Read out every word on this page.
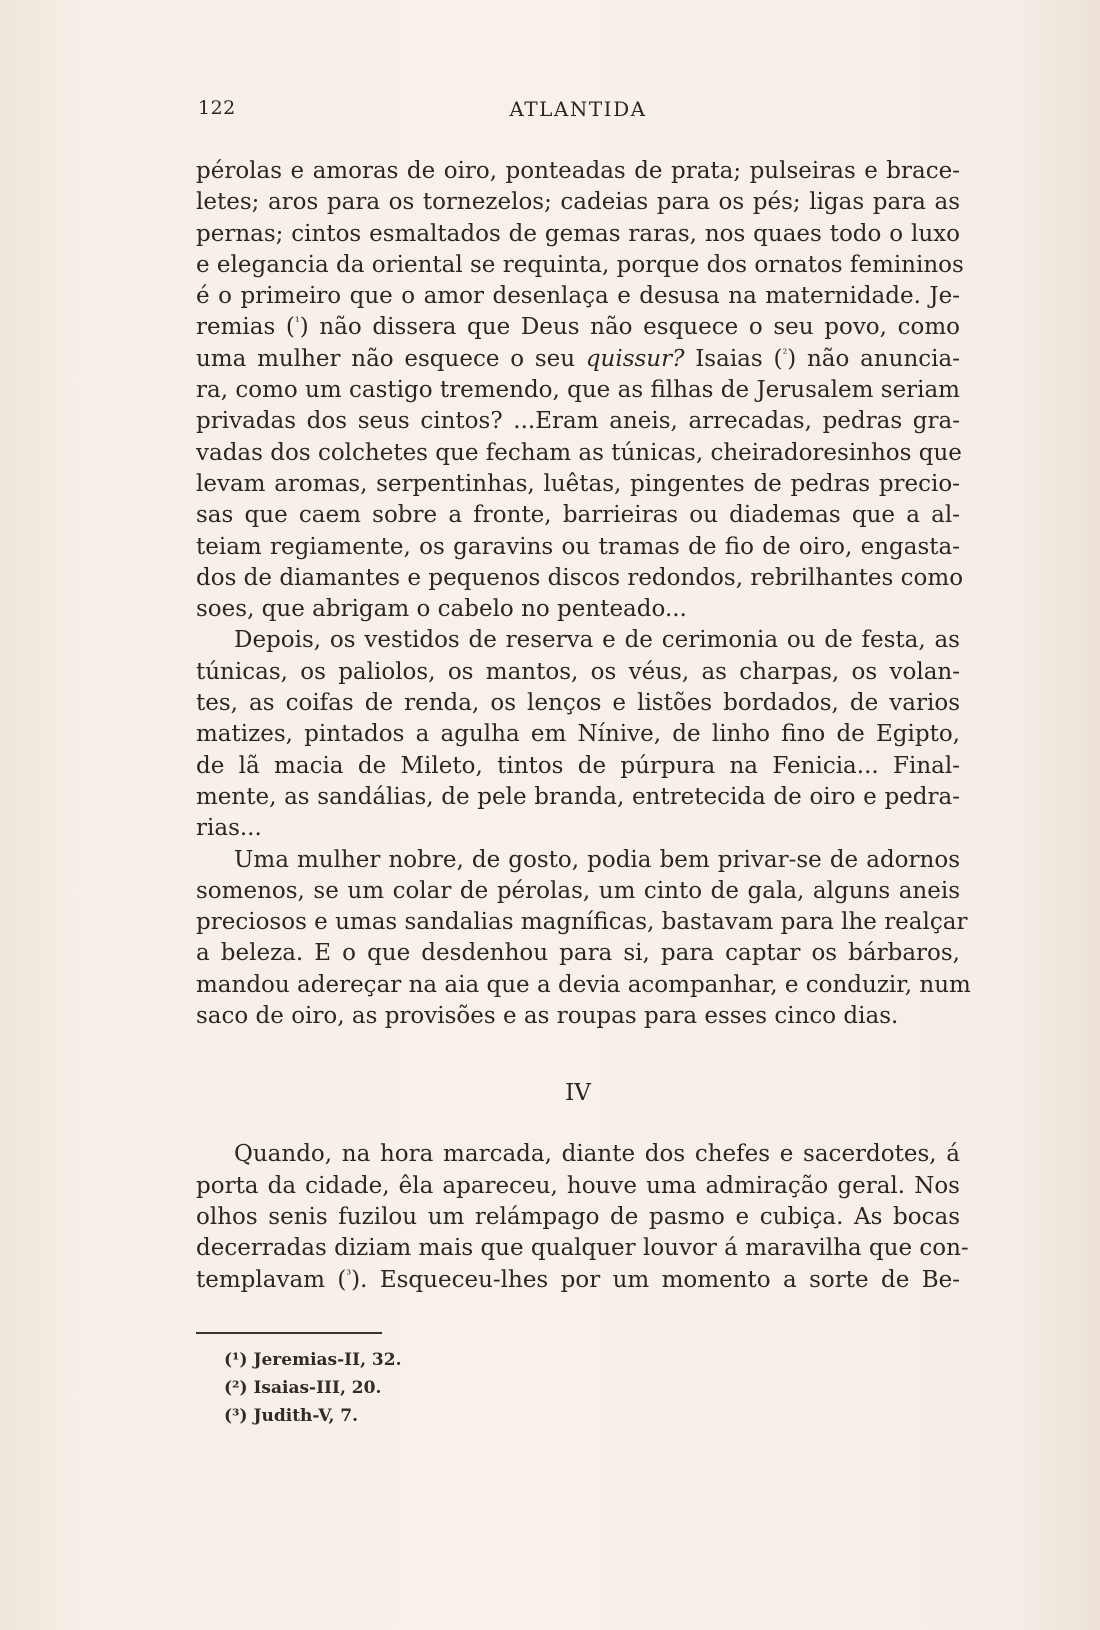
122	ATLANTIDA
pérolas e amoras de oiro, ponteadas de prata; pulseiras e brace-
letes; aros para os tornezelos; cadeias para os pés; ligas para as
pernas; cintos esmaltados de gemas raras, nos quaes todo o luxo
e elegancia da oriental se requinta, porque dos ornatos femininos
é o primeiro que o amor desenlaça e desusa na maternidade. Je-
remias ($^{^1}$) não dissera que Deus não esquece o seu povo, como
uma mulher não esquece o seu quissur? Isaias ($^{^2}$) não anuncia-
ra, como um castigo tremendo, que as filhas de Jerusalem seriam
privadas dos seus cintos? ...Eram aneis, arrecadas, pedras gra-
vadas dos colchetes que fecham as túnicas, cheiradoresinhos que
levam aromas, serpentinhas, luêtas, pingentes de pedras precio-
sas que caem sobre a fronte, barrieiras ou diademas que a al-
teiam regiamente, os garavins ou tramas de fio de oiro, engasta-
dos de diamantes e pequenos discos redondos, rebrilhantes como
soes, que abrigam o cabelo no penteado...
Depois, os vestidos de reserva e de cerimonia ou de festa, as
túnicas, os paliolos, os mantos, os véus, as charpas, os volan-
tes, as coifas de renda, os lenços e listões bordados, de varios
matizes, pintados a agulha em Nínive, de linho fino de Egipto,
de lã macia de Mileto, tintos de púrpura na Fenicia... Final-
mente, as sandálias, de pele branda, entretecida de oiro e pedra-
rias...
Uma mulher nobre, de gosto, podia bem privar-se de adornos
somenos, se um colar de pérolas, um cinto de gala, alguns aneis
preciosos e umas sandalias magníficas, bastavam para lhe realçar
a beleza. E o que desdenhou para si, para captar os bárbaros,
mandou adereçar na aia que a devia acompanhar, e conduzir, num
saco de oiro, as provisões e as roupas para esses cinco dias.
IV
Quando, na hora marcada, diante dos chefes e sacerdotes, á
porta da cidade, êla apareceu, houve uma admiração geral. Nos
olhos senis fuzilou um relámpago de pasmo e cubiça. As bocas
decerradas diziam mais que qualquer louvor á maravilha que con-
templavam ($^{^3}$). Esqueceu-lhes por um momento a sorte de Be-
(¹) Jeremias-II, 32.
(²) Isaias-III, 20.
(³) Judith-V, 7.
